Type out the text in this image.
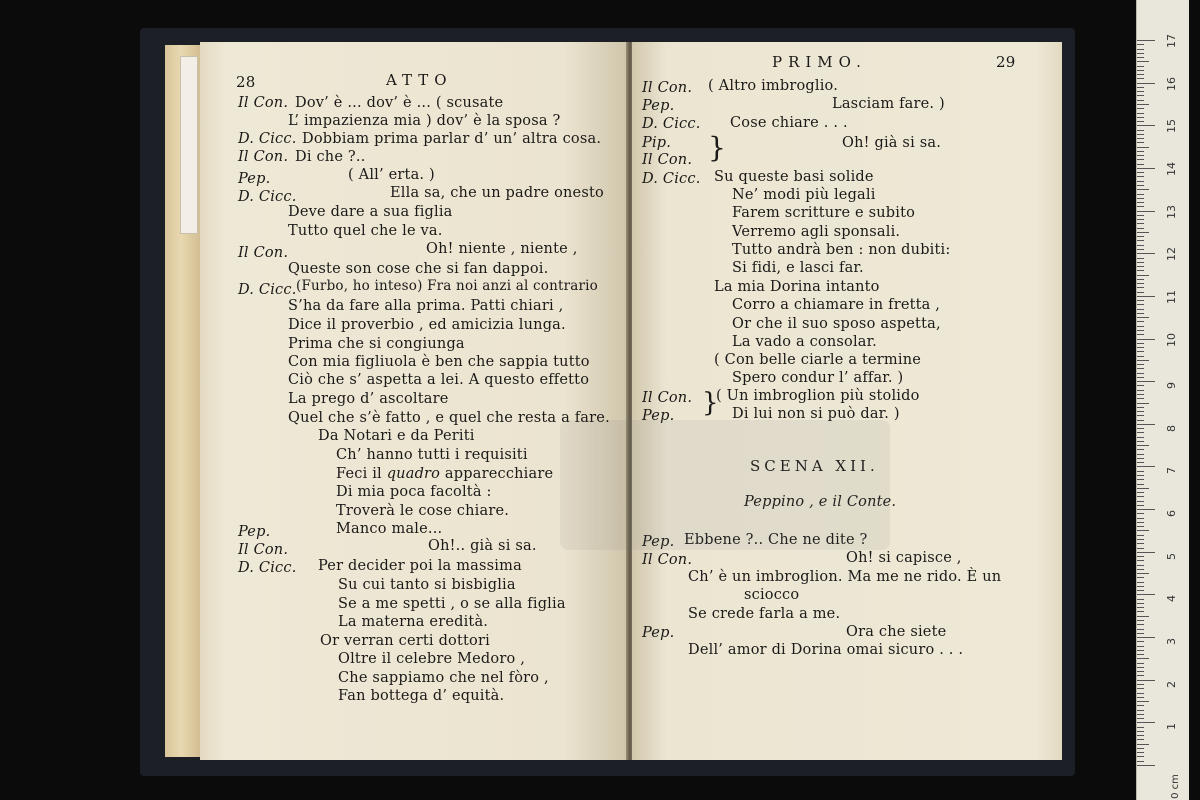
28	ATTO
Il Con. Dov’ è ... dov’ è ... ( scusate
L’ impazienza mia ) dov’ è la sposa ?
D. Cicc. Dobbiam prima parlar d’ un’ altra cosa.
Il Con. Di che ?..
Pep.	( All’ erta. )
D. Cicc.	Ella sa, che un padre onesto
Deve dare a sua figlia
Tutto quel che le va.
Il Con.	Oh! niente , niente ,
Queste son cose che si fan dappoi.
D. Cicc. (Furbo, ho inteso) Fra noi anzi al contrario
S’ha da fare alla prima. Patti chiari ,
Dice il proverbio , ed amicizia lunga.
Prima che si congiunga
Con mia figliuola è ben che sappia tutto
Ciò che s’ aspetta a lei. A questo effetto
La prego d’ ascoltare
Quel che s’è fatto , e quel che resta a fare.
Da Notari e da Periti
Ch’ hanno tutti i requisiti
Feci il quadro apparecchiare
Di mia poca facoltà :
Troverà le cose chiare.
Pep.	Manco male...
Il Con.	Oh!.. già si sa.
D. Cicc. Per decider poi la massima
Su cui tanto si bisbiglia
Se a me spetti , o se alla figlia
La materna eredità.
Or verran certi dottori
Oltre il celebre Medoro ,
Che sappiamo che nel fòro ,
Fan bottega d’ equità.
PRIMO.	29
Il Con. ( Altro imbroglio.
Pep.	Lasciam fare. )
D. Cicc. Cose chiare . . .
Pip.	Oh! già si sa.
Il Con. }
D. Cicc. Su queste basi solide
Ne’ modi più legali
Farem scritture e subito
Verremo agli sponsali.
Tutto andrà ben : non dubiti:
Si fidi, e lasci far.
La mia Dorina intanto
Corro a chiamare in fretta ,
Or che il suo sposo aspetta,
La vado a consolar.
( Con belle ciarle a termine
Spero condur l’ affar. )
Il Con. ( Un imbroglion più stolido
Pep.	Di lui non si può dar. )
}
SCENA XII.
Peppino , e il Conte.
Pep. Ebbene ?.. Che ne dite ?
Il Con.	Oh! si capisce ,
Ch’ è un imbroglion. Ma me ne rido. È un
sciocco
Se crede farla a me.
Pep.	Ora che siete
Dell’ amor di Dorina omai sicuro . . .
1
2
3
4
5
6
7
8
9
10
11
12
13
14
15
16
17
0 cm
